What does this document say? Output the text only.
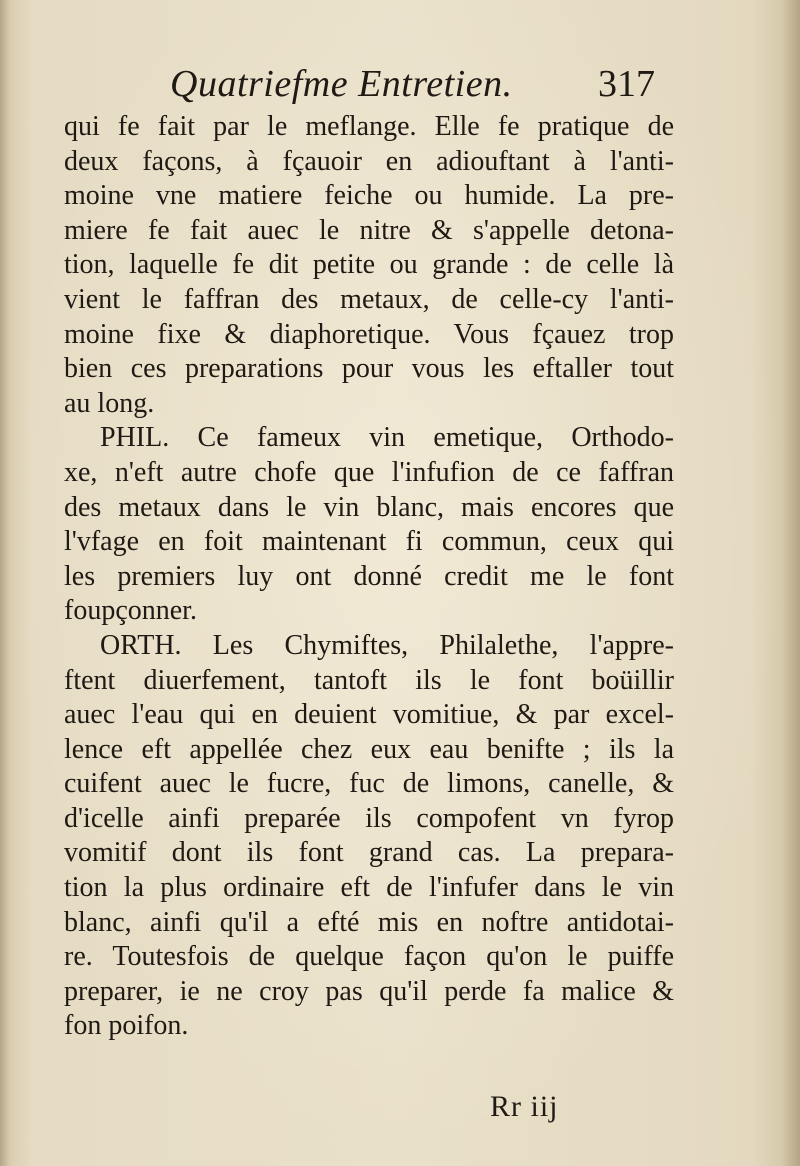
Quatriefme Entretien. 317
qui fe fait par le meflange. Elle fe pratique de
deux façons, à fçauoir en adiouftant à l'anti-
moine vne matiere feiche ou humide. La pre-
miere fe fait auec le nitre & s'appelle detona-
tion, laquelle fe dit petite ou grande : de celle là
vient le faffran des metaux, de celle-cy l'anti-
moine fixe & diaphoretique. Vous fçauez trop
bien ces preparations pour vous les eftaller tout
au long.
PHIL. Ce fameux vin emetique, Orthodo-
xe, n'eft autre chofe que l'infufion de ce faffran
des metaux dans le vin blanc, mais encores que
l'vfage en foit maintenant fi commun, ceux qui
les premiers luy ont donné credit me le font
foupçonner.
ORTH. Les Chymiftes, Philalethe, l'appre-
ftent diuerfement, tantoft ils le font boüillir
auec l'eau qui en deuient vomitiue, & par excel-
lence eft appellée chez eux eau benifte ; ils la
cuifent auec le fucre, fuc de limons, canelle, &
d'icelle ainfi preparée ils compofent vn fyrop
vomitif dont ils font grand cas. La prepara-
tion la plus ordinaire eft de l'infufer dans le vin
blanc, ainfi qu'il a efté mis en noftre antidotai-
re. Toutesfois de quelque façon qu'on le puiffe
preparer, ie ne croy pas qu'il perde fa malice &
fon poifon.
Rr iij
